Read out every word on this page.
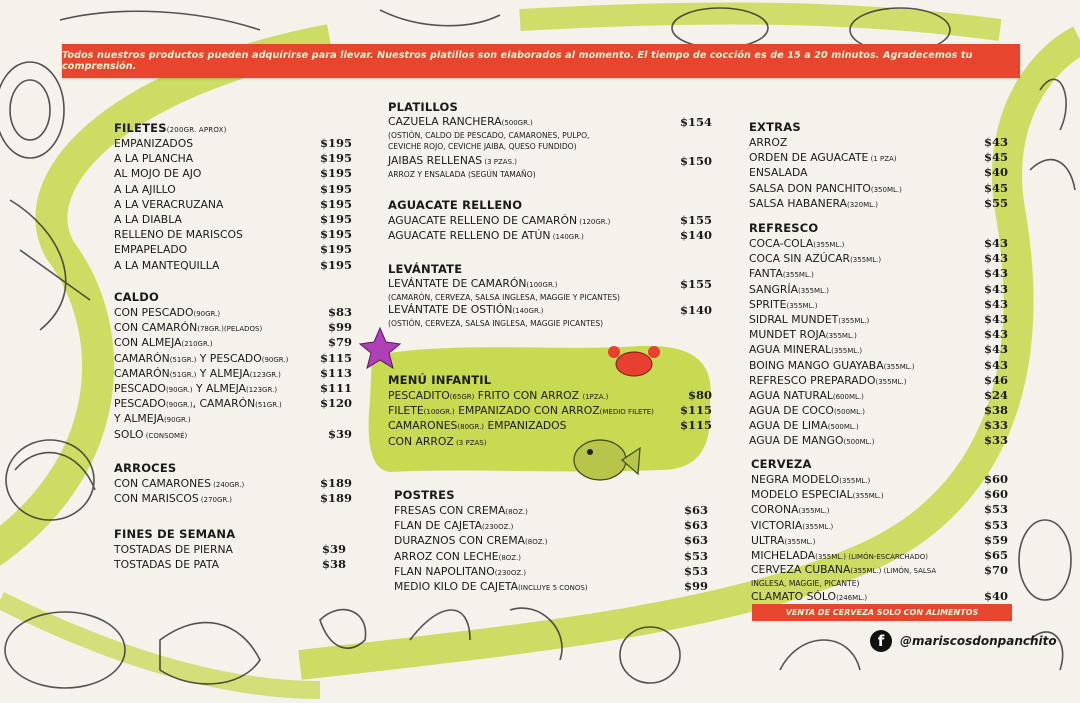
Todos nuestros productos pueden adquirirse para llevar. Nuestros platillos son elaborados al momento. El tiempo de cocción es de 15 a 20 minutos. Agradecemos tu comprensión.
FILETES(200GR. APROX)
EMPANIZADOS	$195
A LA PLANCHA	$195
AL MOJO DE AJO	$195
A LA AJILLO	$195
A LA VERACRUZANA	$195
A LA DIABLA	$195
RELLENO DE MARISCOS	$195
EMPAPELADO	$195
A LA MANTEQUILLA	$195
CALDO
CON PESCADO(90GR.)	$83
CON CAMARÓN(78GR.)(PELADOS)	$99
CON ALMEJA(210GR.)	$79
CAMARÓN(51GR.) Y PESCADO(90GR.)	$115
CAMARÓN(51GR.) Y ALMEJA(123GR.)	$113
PESCADO(90GR.) Y ALMEJA(123GR.)	$111
PESCADO(90GR.), CAMARÓN(51GR.)	$120
Y ALMEJA(90GR.)
SOLO (CONSOMÉ)	$39
ARROCES
CON CAMARONES (240GR.)	$189
CON MARISCOS (270GR.)	$189
FINES DE SEMANA
TOSTADAS DE PIERNA	$39
TOSTADAS DE PATA	$38
PLATILLOS
CAZUELA RANCHERA(500GR.)	$154
(OSTIÓN, CALDO DE PESCADO, CAMARONES, PULPO,
CEVICHE ROJO, CEVICHE JAIBA, QUESO FUNDIDO)
JAIBAS RELLENAS (3 PZAS.)	$150
ARROZ Y ENSALADA (SEGÚN TAMAÑO)
AGUACATE RELLENO
AGUACATE RELLENO DE CAMARÓN (120GR.)	$155
AGUACATE RELLENO DE ATÚN (140GR.)	$140
LEVÁNTATE
LEVÁNTATE DE CAMARÓN(100GR.)	$155
(CAMARÓN, CERVEZA, SALSA INGLESA, MAGGIE Y PICANTES)
LEVÁNTATE DE OSTIÓN(140GR.)	$140
(OSTIÓN, CERVEZA, SALSA INGLESA, MAGGIE PICANTES)
MENÚ INFANTIL
PESCADITO(65GR) FRITO CON ARROZ (1PZA.)	$80
FILETE(100GR.) EMPANIZADO CON ARROZ(MEDIO FILETE) $115
CAMARONES(80GR.) EMPANIZADOS	$115
CON ARROZ (3 PZAS)
POSTRES
FRESAS CON CREMA(8OZ.)	$63
FLAN DE CAJETA(230OZ.)	$63
DURAZNOS CON CREMA(8OZ.)	$63
ARROZ CON LECHE(8OZ.)	$53
FLAN NAPOLITANO(230OZ.)	$53
MEDIO KILO DE CAJETA(INCLUYE 5 CONOS)	$99
EXTRAS
ARROZ	$43
ORDEN DE AGUACATE (1 PZA)	$45
ENSALADA	$40
SALSA DON PANCHITO(350ML.)	$45
SALSA HABANERA(320ML.)	$55
REFRESCO
COCA-COLA(355ML.)	$43
COCA SIN AZÚCAR(355ML.)	$43
FANTA(355ML.)	$43
SANGRÍA(355ML.)	$43
SPRITE(355ML.)	$43
SIDRAL MUNDET(355ML.)	$43
MUNDET ROJA(355ML.)	$43
AGUA MINERAL(355ML.)	$43
BOING MANGO GUAYABA(355ML.)	$43
REFRESCO PREPARADO(355ML.)	$46
AGUA NATURAL(600ML.)	$24
AGUA DE COCO(500ML.)	$38
AGUA DE LIMA(500ML.)	$33
AGUA DE MANGO(500ML.)	$33
CERVEZA
NEGRA MODELO(355ML.)	$60
MODELO ESPECIAL(355ML.)	$60
CORONA(355ML.)	$53
VICTORIA(355ML.)	$53
ULTRA(355ML.)	$59
MICHELADA(355ML.) (LIMÓN-ESCARCHADO)	$65
CERVEZA CUBANA(355ML.) (LIMÓN, SALSA	$70
INGLESA, MAGGIE, PICANTE)
CLAMATO SÓLO(246ML.)	$40
VENTA DE CERVEZA SOLO CON ALIMENTOS
f	@mariscosdonpanchito
